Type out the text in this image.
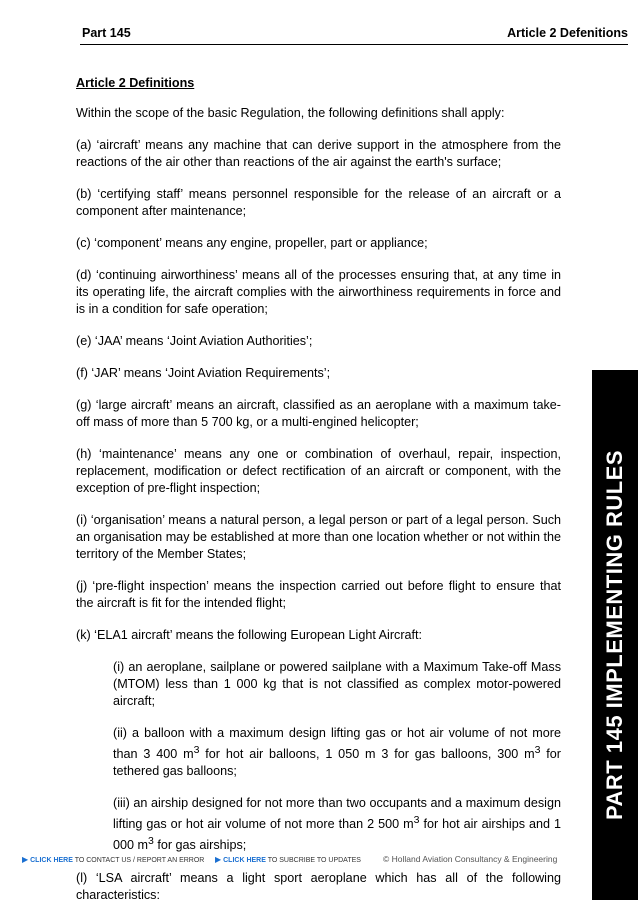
Part 145	Article 2 Defenitions
Article 2 Definitions

Within the scope of the basic Regulation, the following definitions shall apply:

(a) ‘aircraft’ means any machine that can derive support in the atmosphere from the reactions of the air other than reactions of the air against the earth's surface;

(b) ‘certifying staff’ means personnel responsible for the release of an aircraft or a component after maintenance;

(c) ‘component’ means any engine, propeller, part or appliance;

(d) ‘continuing airworthiness’ means all of the processes ensuring that, at any time in its operating life, the aircraft complies with the airworthiness requirements in force and is in a condition for safe operation;

(e) ‘JAA’ means ‘Joint Aviation Authorities’;

(f) ‘JAR’ means ‘Joint Aviation Requirements’;

(g) ‘large aircraft’ means an aircraft, classified as an aeroplane with a maximum take-off mass of more than 5 700 kg, or a multi-engined helicopter;

(h) ‘maintenance’ means any one or combination of overhaul, repair, inspection, replacement, modification or defect rectification of an aircraft or component, with the exception of pre-flight inspection;

(i) ‘organisation’ means a natural person, a legal person or part of a legal person. Such an organisation may be established at more than one location whether or not within the territory of the Member States;

(j) ‘pre-flight inspection’ means the inspection carried out before flight to ensure that the aircraft is fit for the intended flight;

(k) ‘ELA1 aircraft’ means the following European Light Aircraft:

(i) an aeroplane, sailplane or powered sailplane with a Maximum Take-off Mass (MTOM) less than 1 000 kg that is not classified as complex motor-powered aircraft;

(ii) a balloon with a maximum design lifting gas or hot air volume of not more than 3 400 $m^3$ for hot air balloons, 1 050 m 3 for gas balloons, 300 $m^3$ for tethered gas balloons;

(iii) an airship designed for not more than two occupants and a maximum design lifting gas or hot air volume of not more than 2 500 $m^3$ for hot air airships and 1 000 $m^3$ for gas airships;

(l) ‘LSA aircraft’ means a light sport aeroplane which has all of the following characteristics:

PART 145 IMPLEMENTING RULES
▶ CLICK HERE TO CONTACT US / REPORT AN ERROR ▶ CLICK HERE TO SUBCRIBE TO UPDATES	© Holland Aviation Consultancy & Engineering
